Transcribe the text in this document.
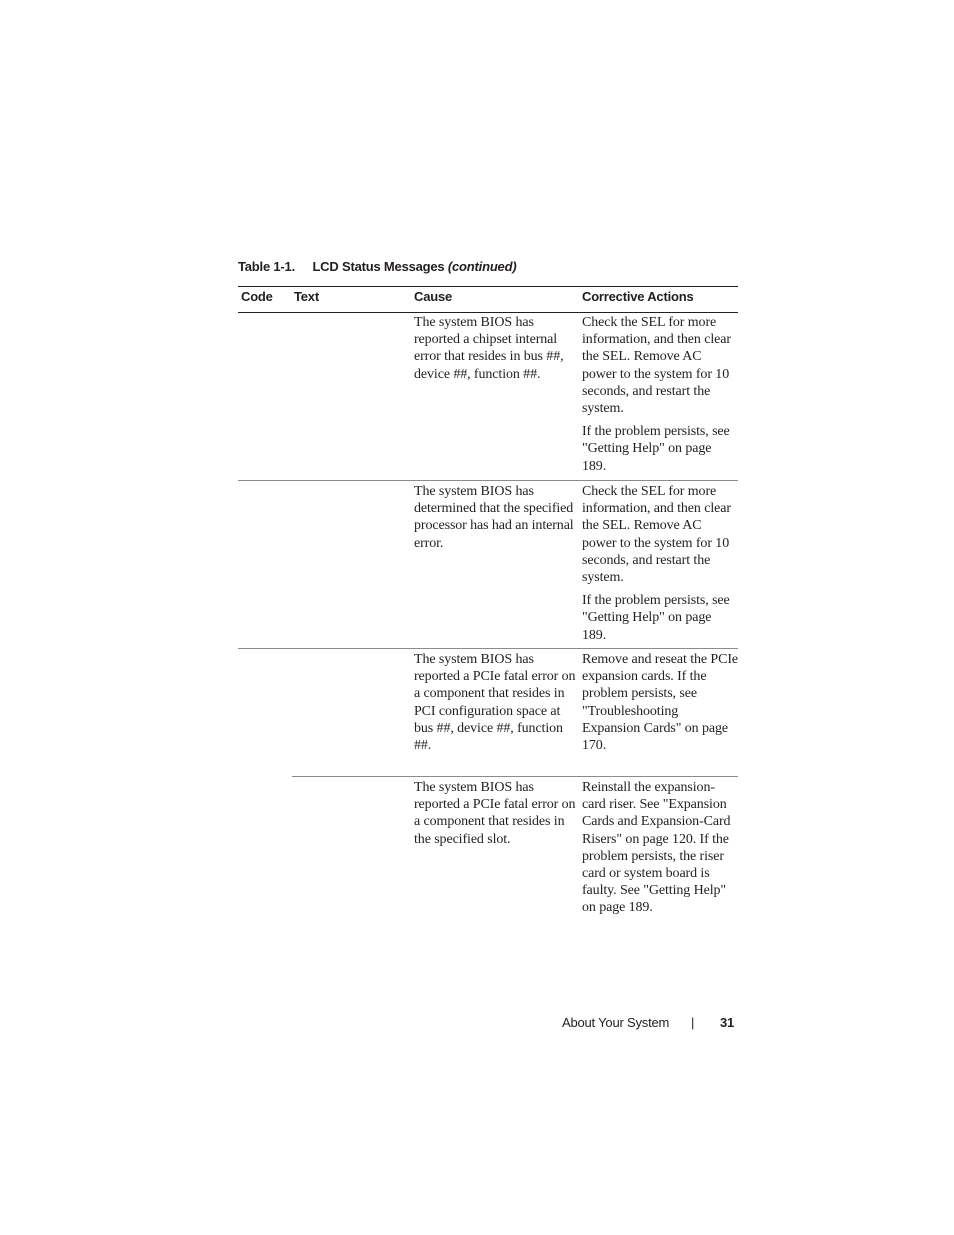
Table 1-1. LCD Status Messages (continued)
Code Text	Cause	Corrective Actions

The system BIOS has reported a chipset internal error that resides in bus ##, device ##, function ##.

Check the SEL for more information, and then clear the SEL. Remove AC power to the system for 10 seconds, and restart the system.

If the problem persists, see "Getting Help" on page 189.

The system BIOS has determined that the specified processor has had an internal error.

Check the SEL for more information, and then clear the SEL. Remove AC power to the system for 10 seconds, and restart the system.

If the problem persists, see "Getting Help" on page 189.

The system BIOS has reported a PCIe fatal error on a component that resides in PCI configuration space at bus ##, device ##, function ##.

Remove and reseat the PCIe expansion cards. If the problem persists, see "Troubleshooting Expansion Cards" on page 170.

The system BIOS has reported a PCIe fatal error on a component that resides in the specified slot.

Reinstall the expansion-card riser. See "Expansion Cards and Expansion-Card Risers" on page 120. If the problem persists, the riser card or system board is faulty. See "Getting Help" on page 189.

About Your System | 31
